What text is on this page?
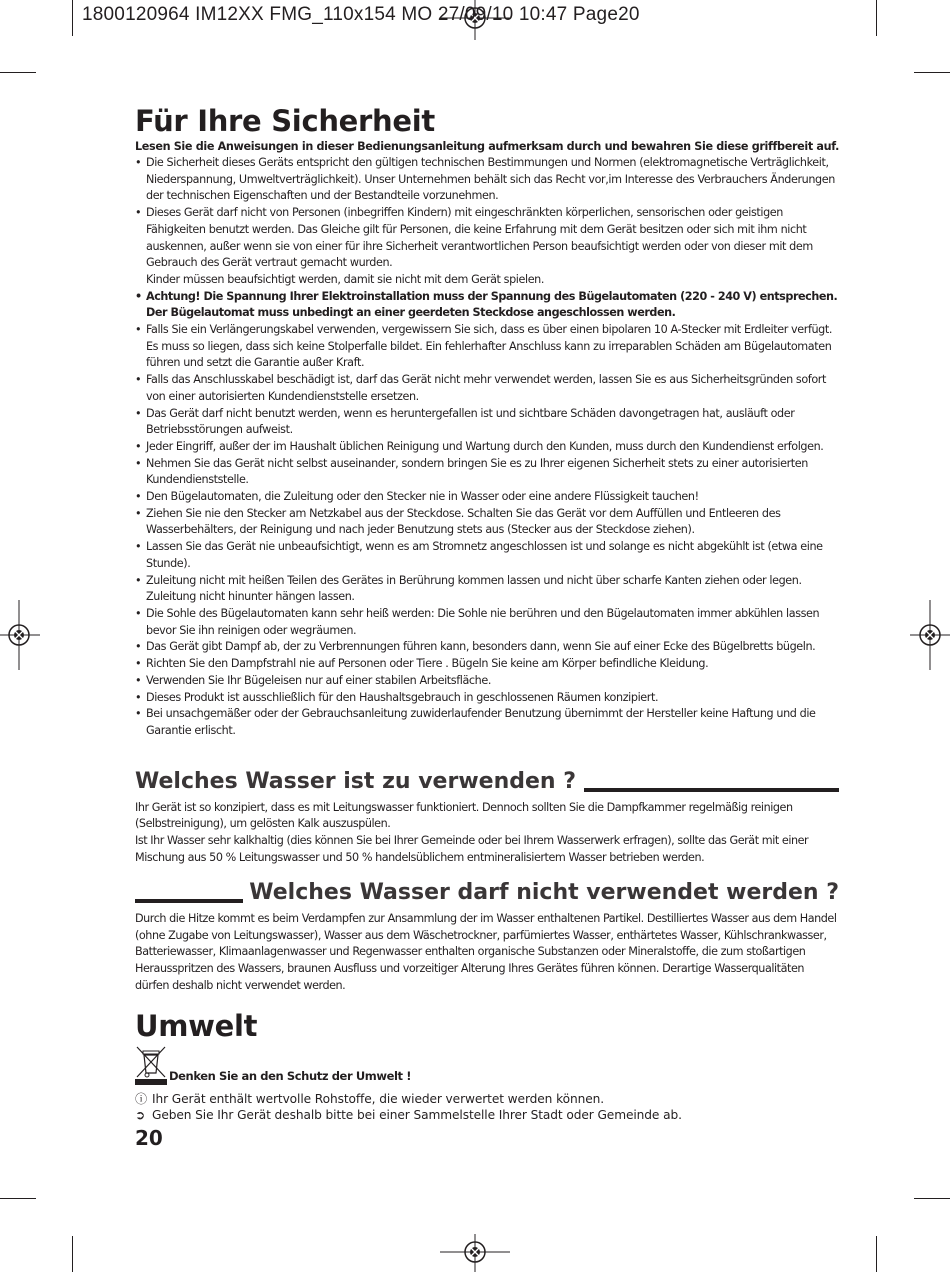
1800120964 IM12XX FMG_110x154 MO 27/09/10 10:47 Page20
Für Ihre Sicherheit

Lesen Sie die Anweisungen in dieser Bedienungsanleitung aufmerksam durch und bewahren Sie diese griffbereit auf.

• Die Sicherheit dieses Geräts entspricht den gültigen technischen Bestimmungen und Normen (elektromagnetische Verträglichkeit, Niederspannung, Umweltverträglichkeit). Unser Unternehmen behält sich das Recht vor,im Interesse des Verbrauchers Änderungen der technischen Eigenschaften und der Bestandteile vorzunehmen.
• Dieses Gerät darf nicht von Personen (inbegriffen Kindern) mit eingeschränkten körperlichen, sensorischen oder geistigen Fähigkeiten benutzt werden. Das Gleiche gilt für Personen, die keine Erfahrung mit dem Gerät besitzen oder sich mit ihm nicht auskennen, außer wenn sie von einer für ihre Sicherheit verantwortlichen Person beaufsichtigt werden oder von dieser mit dem Gebrauch des Gerät vertraut gemacht wurden.
Kinder müssen beaufsichtigt werden, damit sie nicht mit dem Gerät spielen.
• Achtung! Die Spannung Ihrer Elektroinstallation muss der Spannung des Bügelautomaten (220 - 240 V) entsprechen. Der Bügelautomat muss unbedingt an einer geerdeten Steckdose angeschlossen werden.
• Falls Sie ein Verlängerungskabel verwenden, vergewissern Sie sich, dass es über einen bipolaren 10 A-Stecker mit Erdleiter verfügt. Es muss so liegen, dass sich keine Stolperfalle bildet. Ein fehlerhafter Anschluss kann zu irreparablen Schäden am Bügelautomaten führen und setzt die Garantie außer Kraft.
• Falls das Anschlusskabel beschädigt ist, darf das Gerät nicht mehr verwendet werden, lassen Sie es aus Sicherheitsgründen sofort von einer autorisierten Kundendienststelle ersetzen.
• Das Gerät darf nicht benutzt werden, wenn es heruntergefallen ist und sichtbare Schäden davongetragen hat, ausläuft oder Betriebsstörungen aufweist.
• Jeder Eingriff, außer der im Haushalt üblichen Reinigung und Wartung durch den Kunden, muss durch den Kundendienst erfolgen.
• Nehmen Sie das Gerät nicht selbst auseinander, sondern bringen Sie es zu Ihrer eigenen Sicherheit stets zu einer autorisierten Kundendienststelle.
• Den Bügelautomaten, die Zuleitung oder den Stecker nie in Wasser oder eine andere Flüssigkeit tauchen!
• Ziehen Sie nie den Stecker am Netzkabel aus der Steckdose. Schalten Sie das Gerät vor dem Auffüllen und Entleeren des Wasserbehälters, der Reinigung und nach jeder Benutzung stets aus (Stecker aus der Steckdose ziehen).
• Lassen Sie das Gerät nie unbeaufsichtigt, wenn es am Stromnetz angeschlossen ist und solange es nicht abgekühlt ist (etwa eine Stunde).
• Zuleitung nicht mit heißen Teilen des Gerätes in Berührung kommen lassen und nicht über scharfe Kanten ziehen oder legen. Zuleitung nicht hinunter hängen lassen.
• Die Sohle des Bügelautomaten kann sehr heiß werden: Die Sohle nie berühren und den Bügelautomaten immer abkühlen lassen bevor Sie ihn reinigen oder wegräumen.
• Das Gerät gibt Dampf ab, der zu Verbrennungen führen kann, besonders dann, wenn Sie auf einer Ecke des Bügelbretts bügeln.
• Richten Sie den Dampfstrahl nie auf Personen oder Tiere . Bügeln Sie keine am Körper befindliche Kleidung.
• Verwenden Sie Ihr Bügeleisen nur auf einer stabilen Arbeitsfläche.
• Dieses Produkt ist ausschließlich für den Haushaltsgebrauch in geschlossenen Räumen konzipiert.
• Bei unsachgemäßer oder der Gebrauchsanleitung zuwiderlaufender Benutzung übernimmt der Hersteller keine Haftung und die Garantie erlischt.
Welches Wasser ist zu verwenden ?

Ihr Gerät ist so konzipiert, dass es mit Leitungswasser funktioniert. Dennoch sollten Sie die Dampfkammer regelmäßig reinigen (Selbstreinigung), um gelösten Kalk auszuspülen.

Ist Ihr Wasser sehr kalkhaltig (dies können Sie bei Ihrer Gemeinde oder bei Ihrem Wasserwerk erfragen), sollte das Gerät mit einer Mischung aus 50 % Leitungswasser und 50 % handelsüblichem entmineralisiertem Wasser betrieben werden.

Welches Wasser darf nicht verwendet werden ?

Durch die Hitze kommt es beim Verdampfen zur Ansammlung der im Wasser enthaltenen Partikel. Destilliertes Wasser aus dem Handel (ohne Zugabe von Leitungswasser), Wasser aus dem Wäschetrockner, parfümiertes Wasser, enthärtetes Wasser, Kühlschrankwasser, Batteriewasser, Klimaanlagenwasser und Regenwasser enthalten organische Substanzen oder Mineralstoffe, die zum stoßartigen Herausspritzen des Wassers, braunen Ausfluss und vorzeitiger Alterung Ihres Gerätes führen können. Derartige Wasserqualitäten dürfen deshalb nicht verwendet werden.

Umwelt
Denken Sie an den Schutz der Umwelt !
ⓘ Ihr Gerät enthält wertvolle Rohstoffe, die wieder verwertet werden können.
➲ Geben Sie Ihr Gerät deshalb bitte bei einer Sammelstelle Ihrer Stadt oder Gemeinde ab.
20
